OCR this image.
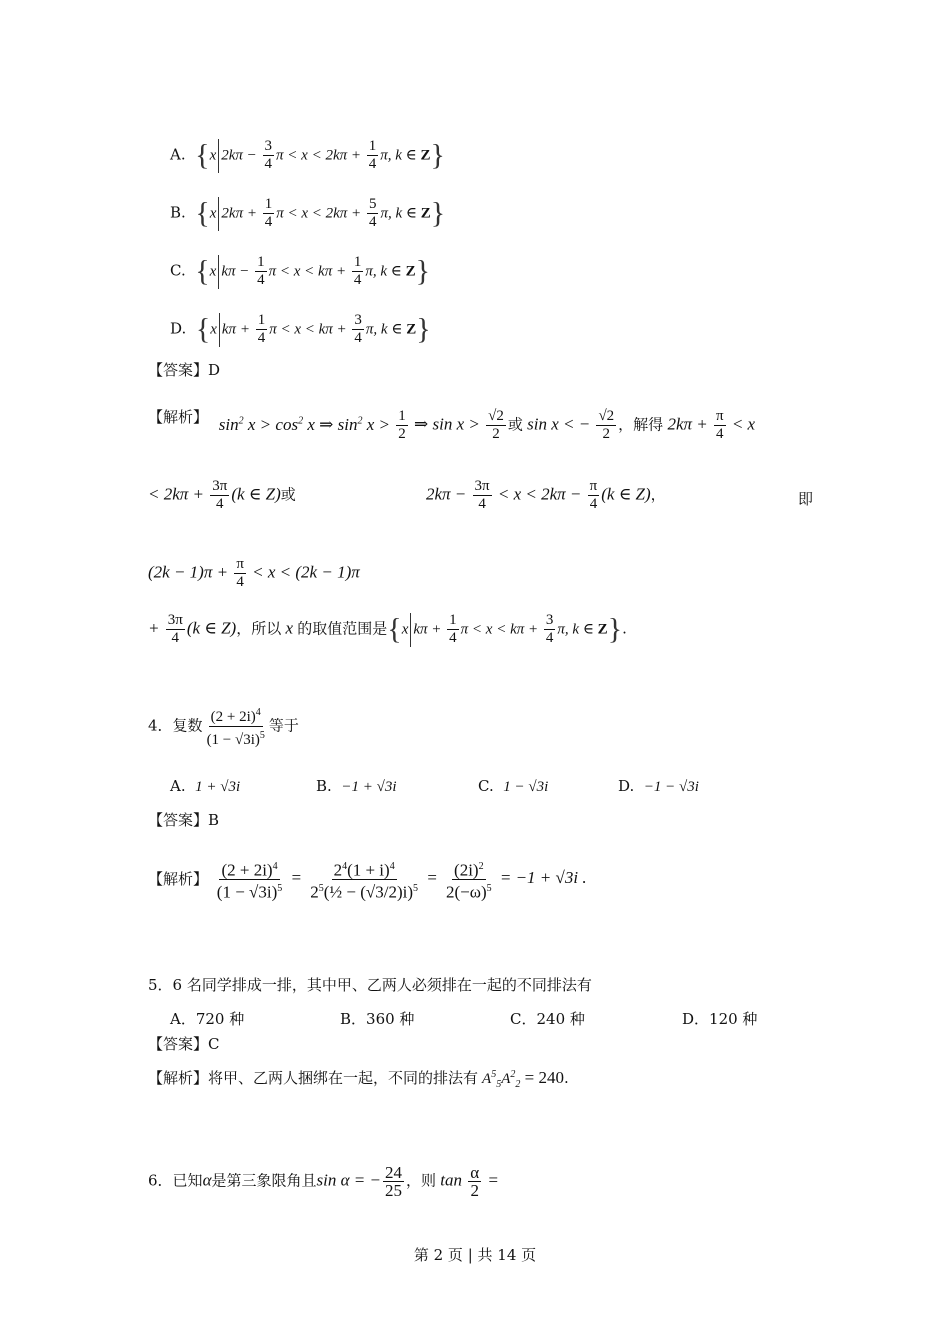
A. {x $2k\pi - \frac{3}{4}$ $\pi < x < 2k\pi + \frac{1}{4} \pi$, k ∈ Z}
B. {x $2k\pi + \frac{1}{4}$ $\pi < x < 2k\pi + \frac{5}{4} \pi$, k ∈ Z}
C. {x $k\pi - \frac{1}{4}$ $\pi < x < k\pi + \frac{1}{4} \pi$, k ∈ Z}
D. {x $k\pi + \frac{1}{4}$ $\pi < x < k\pi + \frac{3}{4} \pi$, k ∈ Z}
【答案】D
【解析】 $\sin^2 x > \cos^2 x$ ⇒ $\sin^2 x > \frac{1}{2}$ ⇒ $\sin x > \frac{√2}{2}$ 或 sin x < − $\frac{√2}{2}$ ，解得 $2k\pi + \frac{\pi}{4} < x$
< $2k\pi + \frac{3\pi}{4} (k$ ∈ Z)或	$2k\pi - \frac{3\pi}{4} < x < 2k\pi - \frac{\pi}{4} (k$ ∈ Z)，	即
$(2k - 1)\pi + \frac{\pi}{4} < x < (2k - 1)\pi$
+ $\frac{3\pi}{4} (k$ ∈ Z)，所以 x 的取值范围是{x $k\pi + \frac{1}{4}$ $\pi < x < k\pi + \frac{3}{4} \pi$, k ∈ Z}.
4．复数 $\frac{(2 + 2i)^4}{(1 - √3i)^5}$ 等于
A. 1 + √3i	B. −1 + √3i	C. 1 − √3i	D. −1 − √3i
【答案】B
【解析】 $\frac{(2 + 2i)^4}{(1 - √3i)^5} = \frac{2^4(1 + i)^4}{2^5(\frac{1}{2} - (√3/2)i)^5} = \frac{(2i)^2}{2(-\omega)^5} = -1 + √3i$ .
5．6 名同学排成一排，其中甲、乙两人必须排在一起的不同排法有
A．720 种	B．360 种	C．240 种	D．120 种
【答案】C
【解析】将甲、乙两人捆绑在一起，不同的排法有 $A^5_5A^2_2 = 240$.
6．已知α是第三象限角且sin α = − $\frac{24}{25}$ ，则 $\tan \frac{\alpha}{2}$ =
第 2 页 | 共 14 页
